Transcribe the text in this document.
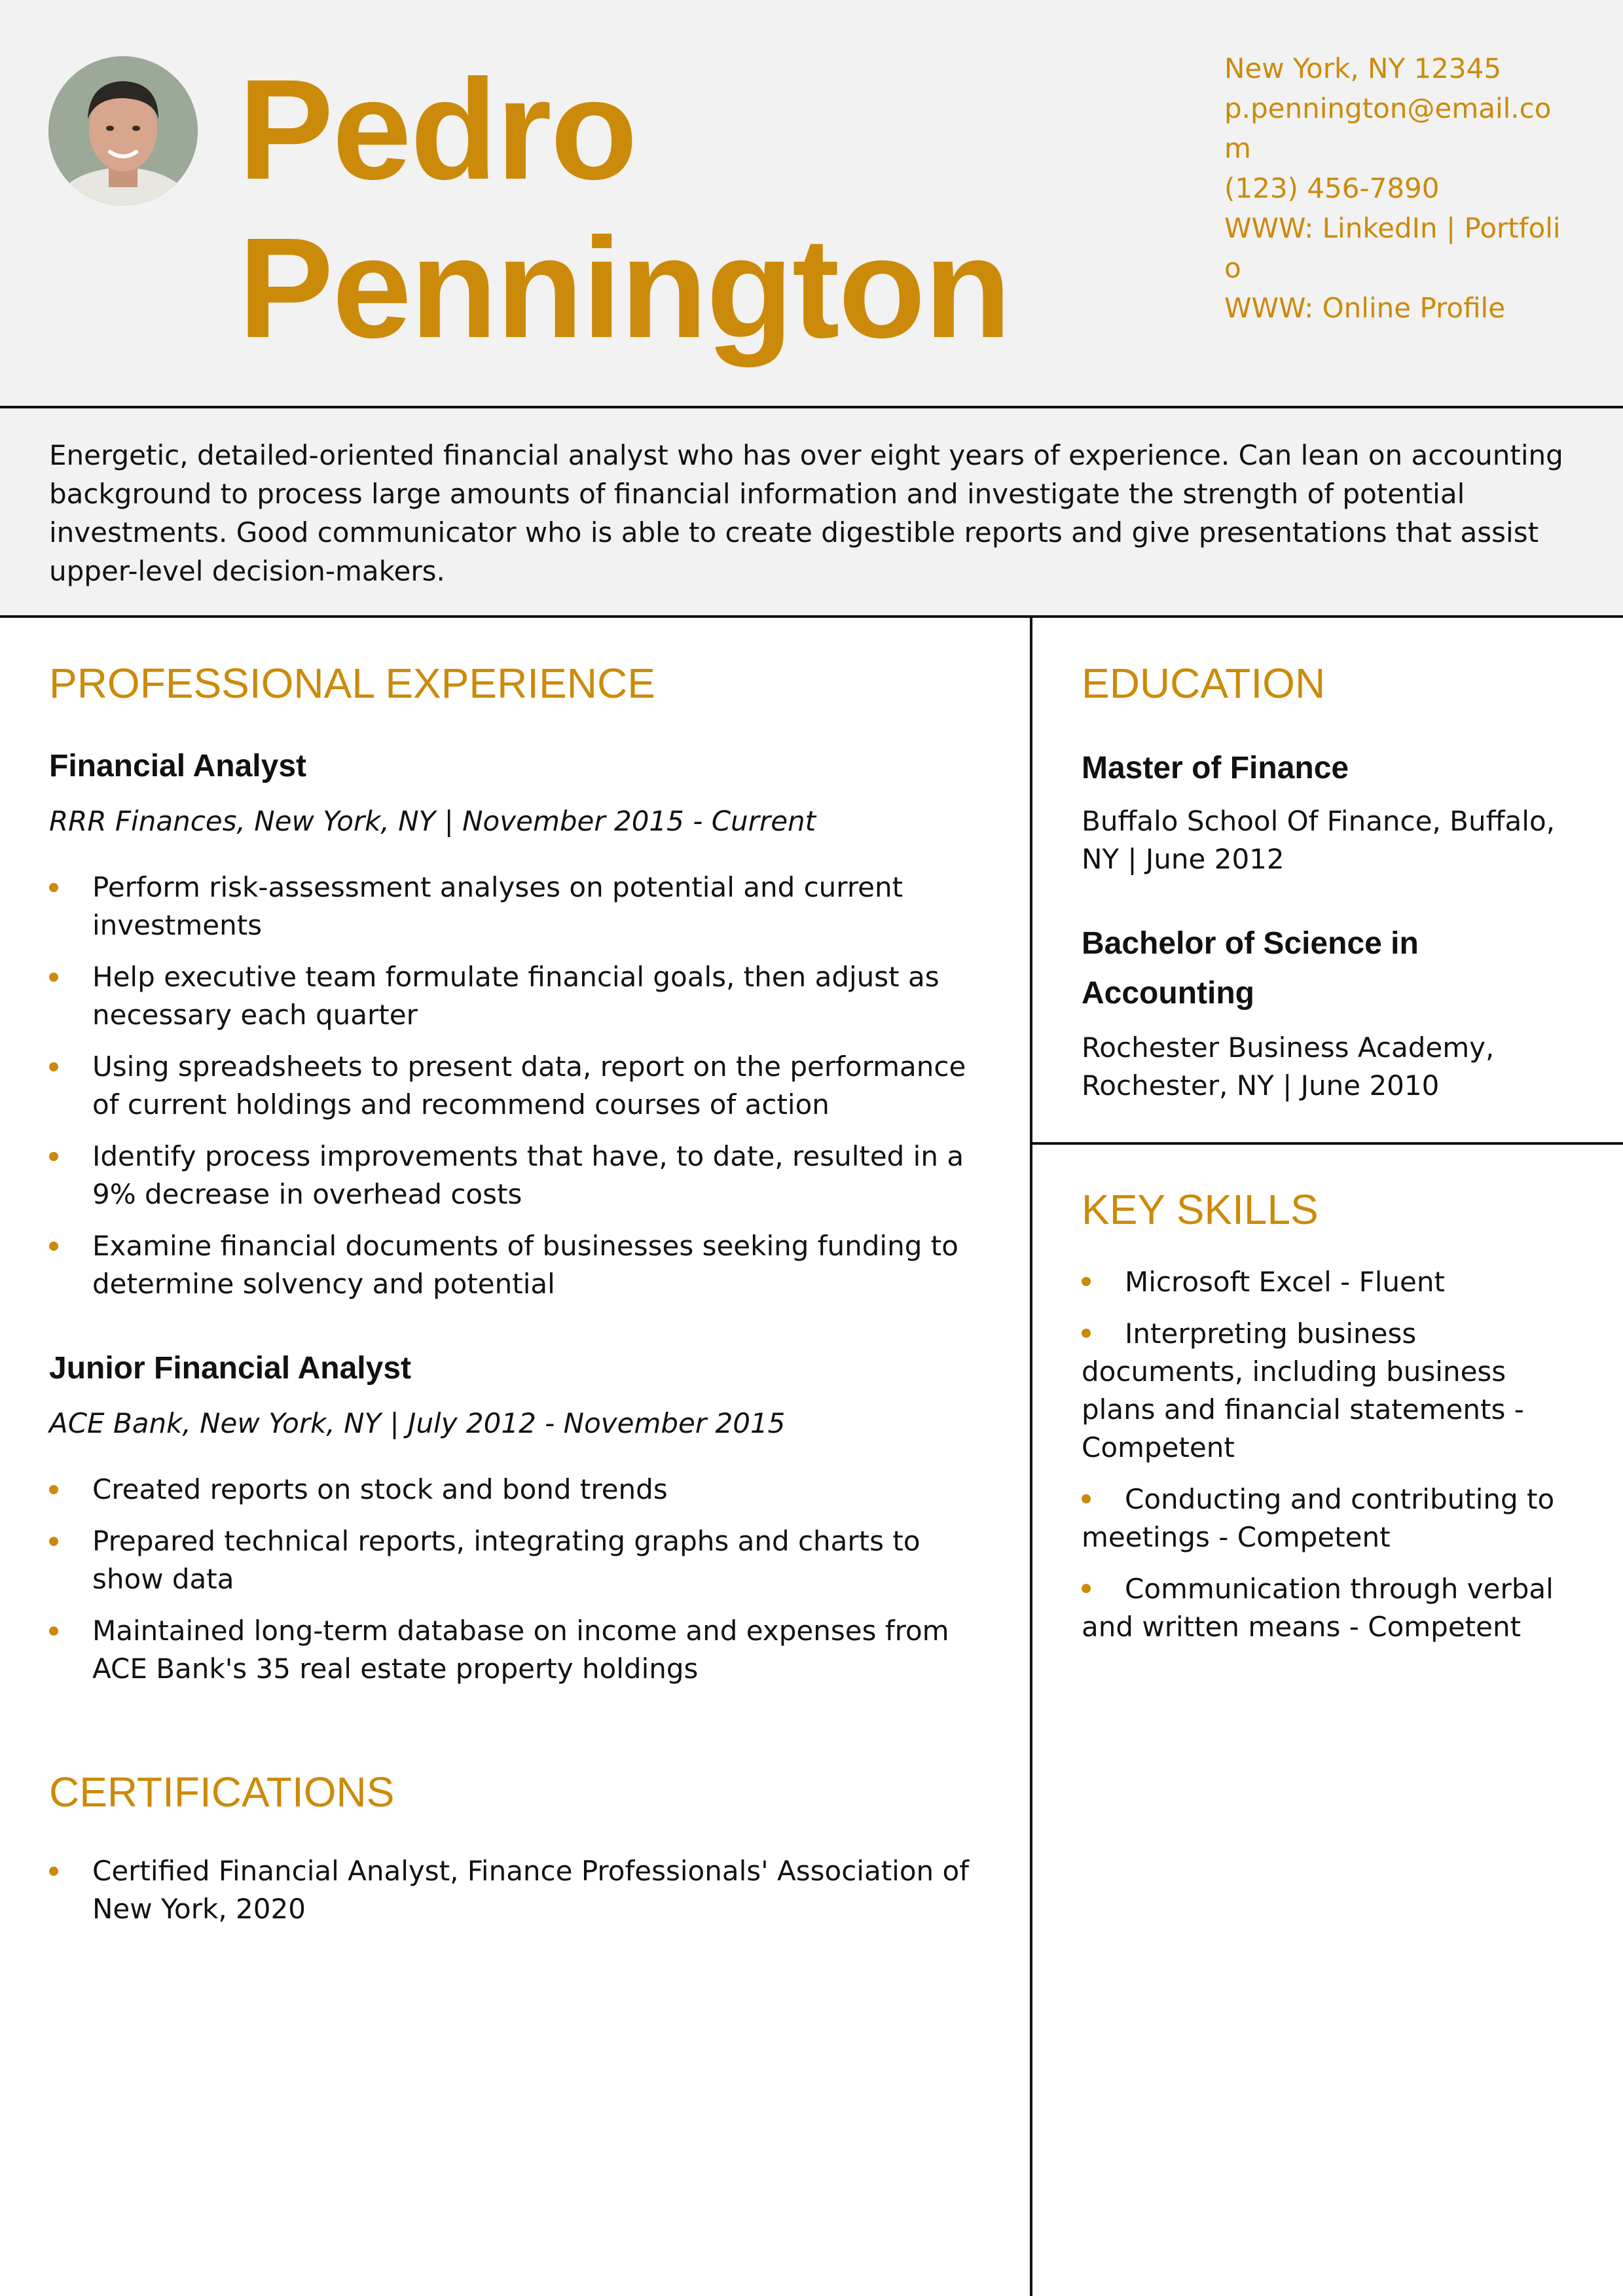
Pedro
Pennington
New York, NY 12345
p.pennington@email.com
(123) 456-7890
WWW: LinkedIn | Portfolio
WWW: Online Profile

Energetic, detailed-oriented financial analyst who has over eight years of experience. Can lean on accounting background to process large amounts of financial information and investigate the strength of potential investments. Good communicator who is able to create digestible reports and give presentations that assist upper-level decision-makers.

PROFESSIONAL EXPERIENCE
Financial Analyst

RRR Finances, New York, NY | November 2015 - Current

Perform risk-assessment analyses on potential and current investments
Help executive team formulate financial goals, then adjust as necessary each quarter
Using spreadsheets to present data, report on the performance of current holdings and recommend courses of action
Identify process improvements that have, to date, resulted in a 9% decrease in overhead costs
Examine financial documents of businesses seeking funding to determine solvency and potential
Junior Financial Analyst

ACE Bank, New York, NY | July 2012 - November 2015

Created reports on stock and bond trends
Prepared technical reports, integrating graphs and charts to show data
Maintained long-term database on income and expenses from ACE Bank's 35 real estate property holdings
CERTIFICATIONS
Certified Financial Analyst, Finance Professionals' Association of New York, 2020
EDUCATION
Master of Finance

Buffalo School Of Finance, Buffalo, NY | June 2012

Bachelor of Science in Accounting

Rochester Business Academy, Rochester, NY | June 2010

KEY SKILLS
Microsoft Excel - Fluent
Interpreting business documents, including business plans and financial statements - Competent
Conducting and contributing to meetings - Competent
Communication through verbal and written means - Competent
